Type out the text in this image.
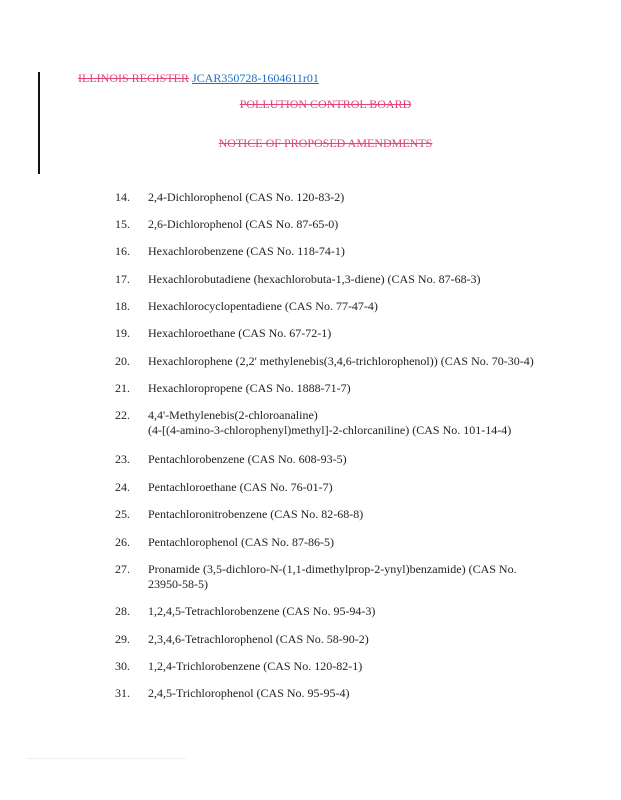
ILLINOIS REGISTER JCAR350728-1604611r01
POLLUTION CONTROL BOARD
NOTICE OF PROPOSED AMENDMENTS
14.	2,4-Dichlorophenol (CAS No. 120-83-2)
15.	2,6-Dichlorophenol (CAS No. 87-65-0)
16.	Hexachlorobenzene (CAS No. 118-74-1)
17.	Hexachlorobutadiene (hexachlorobuta-1,3-diene) (CAS No. 87-68-3)
18.	Hexachlorocyclopentadiene (CAS No. 77-47-4)
19.	Hexachloroethane (CAS No. 67-72-1)
20.	Hexachlorophene (2,2' methylenebis(3,4,6-trichlorophenol)) (CAS No. 70-30-4)
21.	Hexachloropropene (CAS No. 1888-71-7)
22.	4,4'-Methylenebis(2-chloroanaline)
(4-[(4-amino-3-chlorophenyl)methyl]-2-chlorcaniline) (CAS No. 101-14-4)
23.	Pentachlorobenzene (CAS No. 608-93-5)
24.	Pentachloroethane (CAS No. 76-01-7)
25.	Pentachloronitrobenzene (CAS No. 82-68-8)
26.	Pentachlorophenol (CAS No. 87-86-5)
27.	Pronamide (3,5-dichloro-N-(1,1-dimethylprop-2-ynyl)benzamide) (CAS No.
23950-58-5)
28.	1,2,4,5-Tetrachlorobenzene (CAS No. 95-94-3)
29.	2,3,4,6-Tetrachlorophenol (CAS No. 58-90-2)
30.	1,2,4-Trichlorobenzene (CAS No. 120-82-1)
31.	2,4,5-Trichlorophenol (CAS No. 95-95-4)
